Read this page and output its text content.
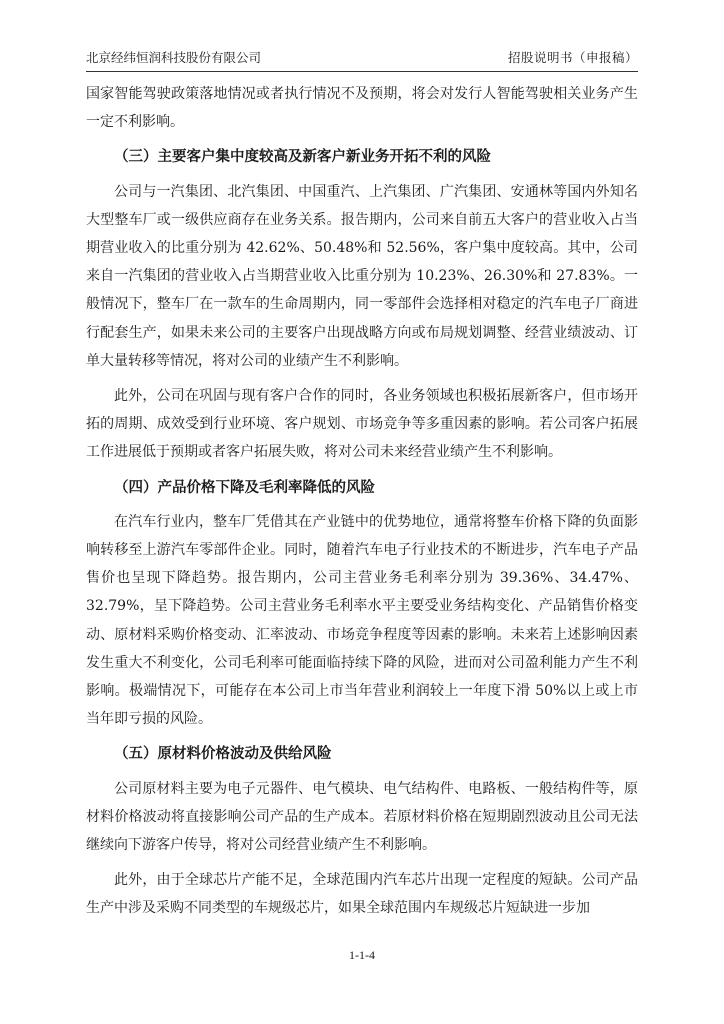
北京经纬恒润科技股份有限公司	招股说明书（申报稿）

国家智能驾驶政策落地情况或者执行情况不及预期，将会对发行人智能驾驶相关业务产生一定不利影响。

（三）主要客户集中度较高及新客户新业务开拓不利的风险

公司与一汽集团、北汽集团、中国重汽、上汽集团、广汽集团、安通林等国内外知名大型整车厂或一级供应商存在业务关系。报告期内，公司来自前五大客户的营业收入占当期营业收入的比重分别为 42.62%、50.48%和 52.56%，客户集中度较高。其中，公司来自一汽集团的营业收入占当期营业收入比重分别为 10.23%、26.30%和 27.83%。一般情况下，整车厂在一款车的生命周期内，同一零部件会选择相对稳定的汽车电子厂商进行配套生产，如果未来公司的主要客户出现战略方向或布局规划调整、经营业绩波动、订单大量转移等情况，将对公司的业绩产生不利影响。

此外，公司在巩固与现有客户合作的同时，各业务领域也积极拓展新客户，但市场开拓的周期、成效受到行业环境、客户规划、市场竞争等多重因素的影响。若公司客户拓展工作进展低于预期或者客户拓展失败，将对公司未来经营业绩产生不利影响。

（四）产品价格下降及毛利率降低的风险

在汽车行业内，整车厂凭借其在产业链中的优势地位，通常将整车价格下降的负面影响转移至上游汽车零部件企业。同时，随着汽车电子行业技术的不断进步，汽车电子产品售价也呈现下降趋势。报告期内，公司主营业务毛利率分别为 39.36%、34.47%、32.79%，呈下降趋势。公司主营业务毛利率水平主要受业务结构变化、产品销售价格变动、原材料采购价格变动、汇率波动、市场竞争程度等因素的影响。未来若上述影响因素发生重大不利变化，公司毛利率可能面临持续下降的风险，进而对公司盈利能力产生不利影响。极端情况下，可能存在本公司上市当年营业利润较上一年度下滑 50%以上或上市当年即亏损的风险。

（五）原材料价格波动及供给风险

公司原材料主要为电子元器件、电气模块、电气结构件、电路板、一般结构件等，原材料价格波动将直接影响公司产品的生产成本。若原材料价格在短期剧烈波动且公司无法继续向下游客户传导，将对公司经营业绩产生不利影响。

此外，由于全球芯片产能不足，全球范围内汽车芯片出现一定程度的短缺。公司产品生产中涉及采购不同类型的车规级芯片，如果全球范围内车规级芯片短缺进一步加

1-1-4
